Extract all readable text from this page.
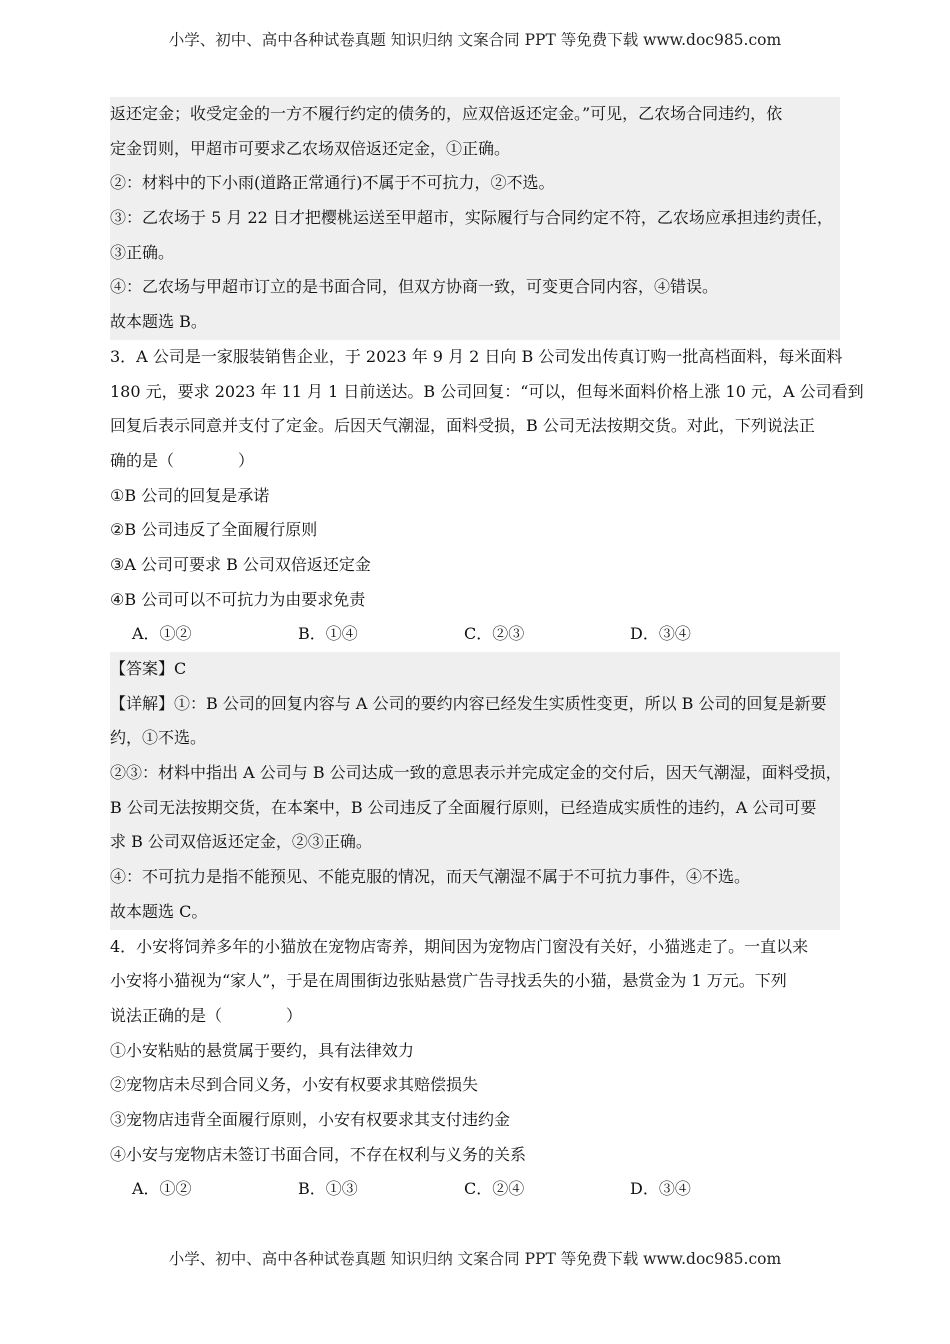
小学、初中、高中各种试卷真题 知识归纳 文案合同 PPT 等免费下载 www.doc985.com
返还定金；收受定金的一方不履行约定的债务的，应双倍返还定金。”可见，乙农场合同违约，依
定金罚则，甲超市可要求乙农场双倍返还定金，①正确。
②：材料中的下小雨(道路正常通行)不属于不可抗力，②不选。
③：乙农场于 5 月 22 日才把樱桃运送至甲超市，实际履行与合同约定不符，乙农场应承担违约责任，
③正确。
④：乙农场与甲超市订立的是书面合同，但双方协商一致，可变更合同内容，④错误。
故本题选 B。
3．A 公司是一家服装销售企业，于 2023 年 9 月 2 日向 B 公司发出传真订购一批高档面料，每米面料
180 元，要求 2023 年 11 月 1 日前送达。B 公司回复：“可以，但每米面料价格上涨 10 元，A 公司看到
回复后表示同意并支付了定金。后因天气潮湿，面料受损，B 公司无法按期交货。对此，下列说法正
确的是（　　　　）
①B 公司的回复是承诺
②B 公司违反了全面履行原则
③A 公司可要求 B 公司双倍返还定金
④B 公司可以不可抗力为由要求免责
A．①②	B．①④	C．②③	D．③④
【答案】C
【详解】①：B 公司的回复内容与 A 公司的要约内容已经发生实质性变更，所以 B 公司的回复是新要
约，①不选。
②③：材料中指出 A 公司与 B 公司达成一致的意思表示并完成定金的交付后，因天气潮湿，面料受损，
B 公司无法按期交货，在本案中，B 公司违反了全面履行原则，已经造成实质性的违约，A 公司可要
求 B 公司双倍返还定金，②③正确。
④：不可抗力是指不能预见、不能克服的情况，而天气潮湿不属于不可抗力事件，④不选。
故本题选 C。
4．小安将饲养多年的小猫放在宠物店寄养，期间因为宠物店门窗没有关好，小猫逃走了。一直以来
小安将小猫视为“家人”，于是在周围街边张贴悬赏广告寻找丢失的小猫，悬赏金为 1 万元。下列
说法正确的是（　　　　）
①小安粘贴的悬赏属于要约，具有法律效力
②宠物店未尽到合同义务，小安有权要求其赔偿损失
③宠物店违背全面履行原则，小安有权要求其支付违约金
④小安与宠物店未签订书面合同，不存在权利与义务的关系
A．①②	B．①③	C．②④	D．③④
小学、初中、高中各种试卷真题 知识归纳 文案合同 PPT 等免费下载 www.doc985.com
